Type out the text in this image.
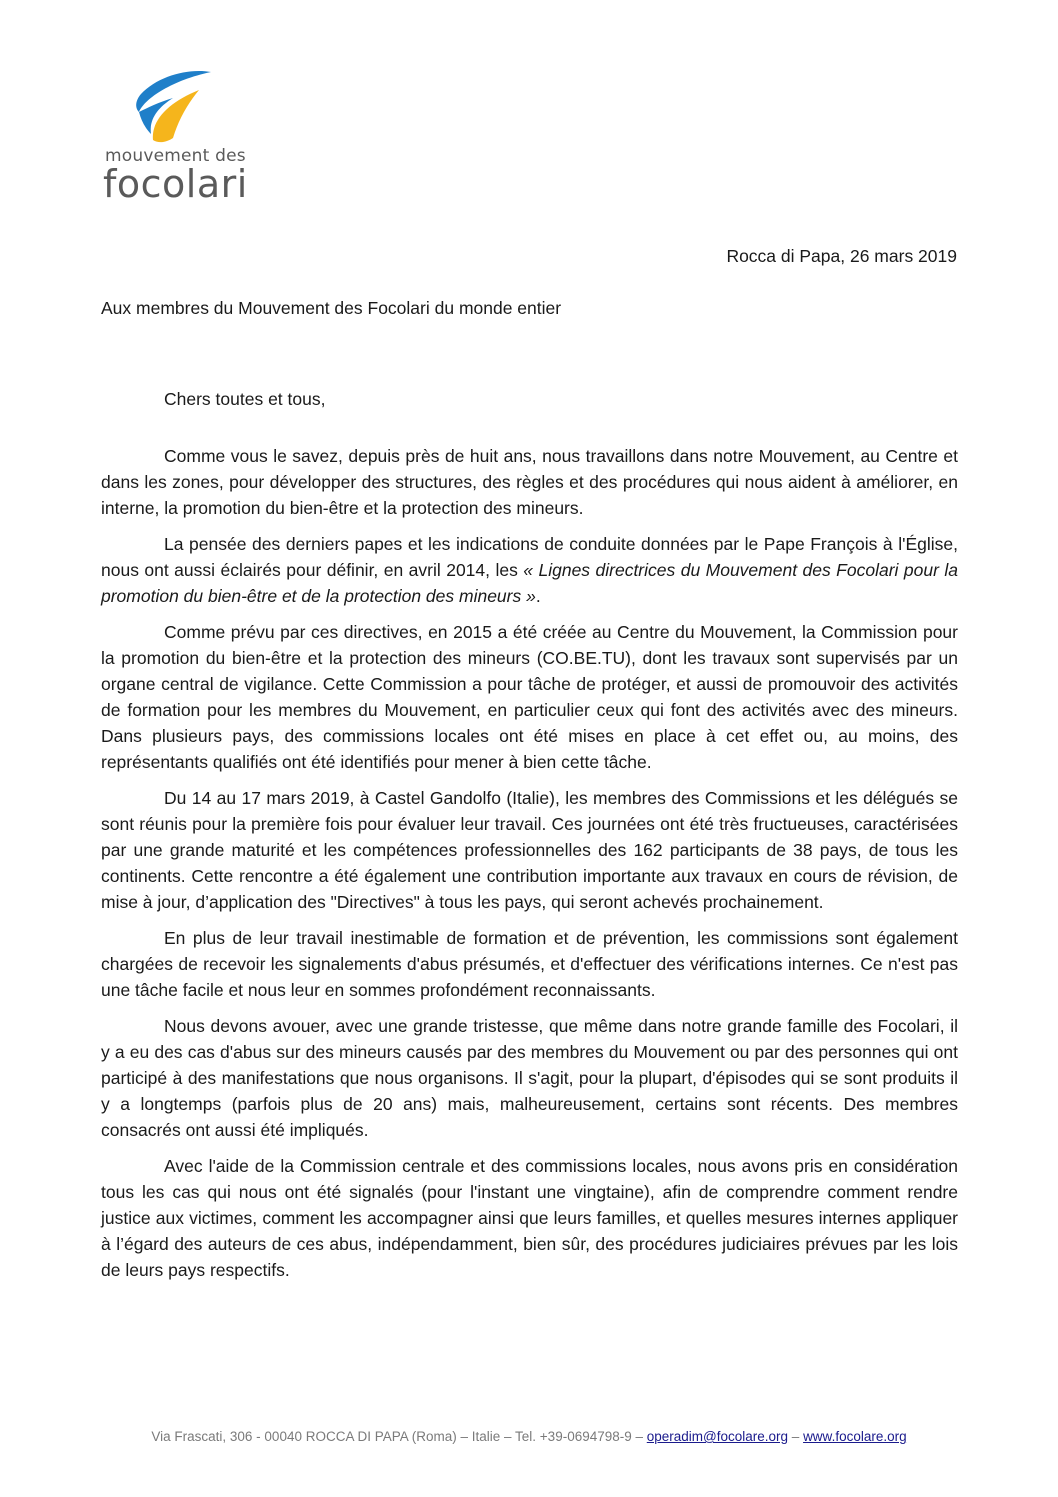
mouvement des
focolari
Rocca di Papa, 26 mars 2019
Aux membres du Mouvement des Focolari du monde entier
Chers toutes et tous,

Comme vous le savez, depuis près de huit ans, nous travaillons dans notre Mouvement, au Centre et dans les zones, pour développer des structures, des règles et des procédures qui nous aident à améliorer, en interne, la promotion du bien-être et la protection des mineurs.

La pensée des derniers papes et les indications de conduite données par le Pape François à l'Église, nous ont aussi éclairés pour définir, en avril 2014, les « Lignes directrices du Mouvement des Focolari pour la promotion du bien-être et de la protection des mineurs ».

Comme prévu par ces directives, en 2015 a été créée au Centre du Mouvement, la Commission pour la promotion du bien-être et la protection des mineurs (CO.BE.TU), dont les travaux sont supervisés par un organe central de vigilance. Cette Commission a pour tâche de protéger, et aussi de promouvoir des activités de formation pour les membres du Mouvement, en particulier ceux qui font des activités avec des mineurs. Dans plusieurs pays, des commissions locales ont été mises en place à cet effet ou, au moins, des représentants qualifiés ont été identifiés pour mener à bien cette tâche.

Du 14 au 17 mars 2019, à Castel Gandolfo (Italie), les membres des Commissions et les délégués se sont réunis pour la première fois pour évaluer leur travail. Ces journées ont été très fructueuses, caractérisées par une grande maturité et les compétences professionnelles des 162 participants de 38 pays, de tous les continents. Cette rencontre a été également une contribution importante aux travaux en cours de révision, de mise à jour, d’application des "Directives" à tous les pays, qui seront achevés prochainement.

En plus de leur travail inestimable de formation et de prévention, les commissions sont également chargées de recevoir les signalements d'abus présumés, et d'effectuer des vérifications internes. Ce n'est pas une tâche facile et nous leur en sommes profondément reconnaissants.

Nous devons avouer, avec une grande tristesse, que même dans notre grande famille des Focolari, il y a eu des cas d'abus sur des mineurs causés par des membres du Mouvement ou par des personnes qui ont participé à des manifestations que nous organisons. Il s'agit, pour la plupart, d'épisodes qui se sont produits il y a longtemps (parfois plus de 20 ans) mais, malheureusement, certains sont récents. Des membres consacrés ont aussi été impliqués.

Avec l'aide de la Commission centrale et des commissions locales, nous avons pris en considération tous les cas qui nous ont été signalés (pour l'instant une vingtaine), afin de comprendre comment rendre justice aux victimes, comment les accompagner ainsi que leurs familles, et quelles mesures internes appliquer à l’égard des auteurs de ces abus, indépendamment, bien sûr, des procédures judiciaires prévues par les lois de leurs pays respectifs.

Via Frascati, 306 - 00040 ROCCA DI PAPA (Roma) – Italie – Tel. +39-0694798-9 – operadim@focolare.org – www.focolare.org
